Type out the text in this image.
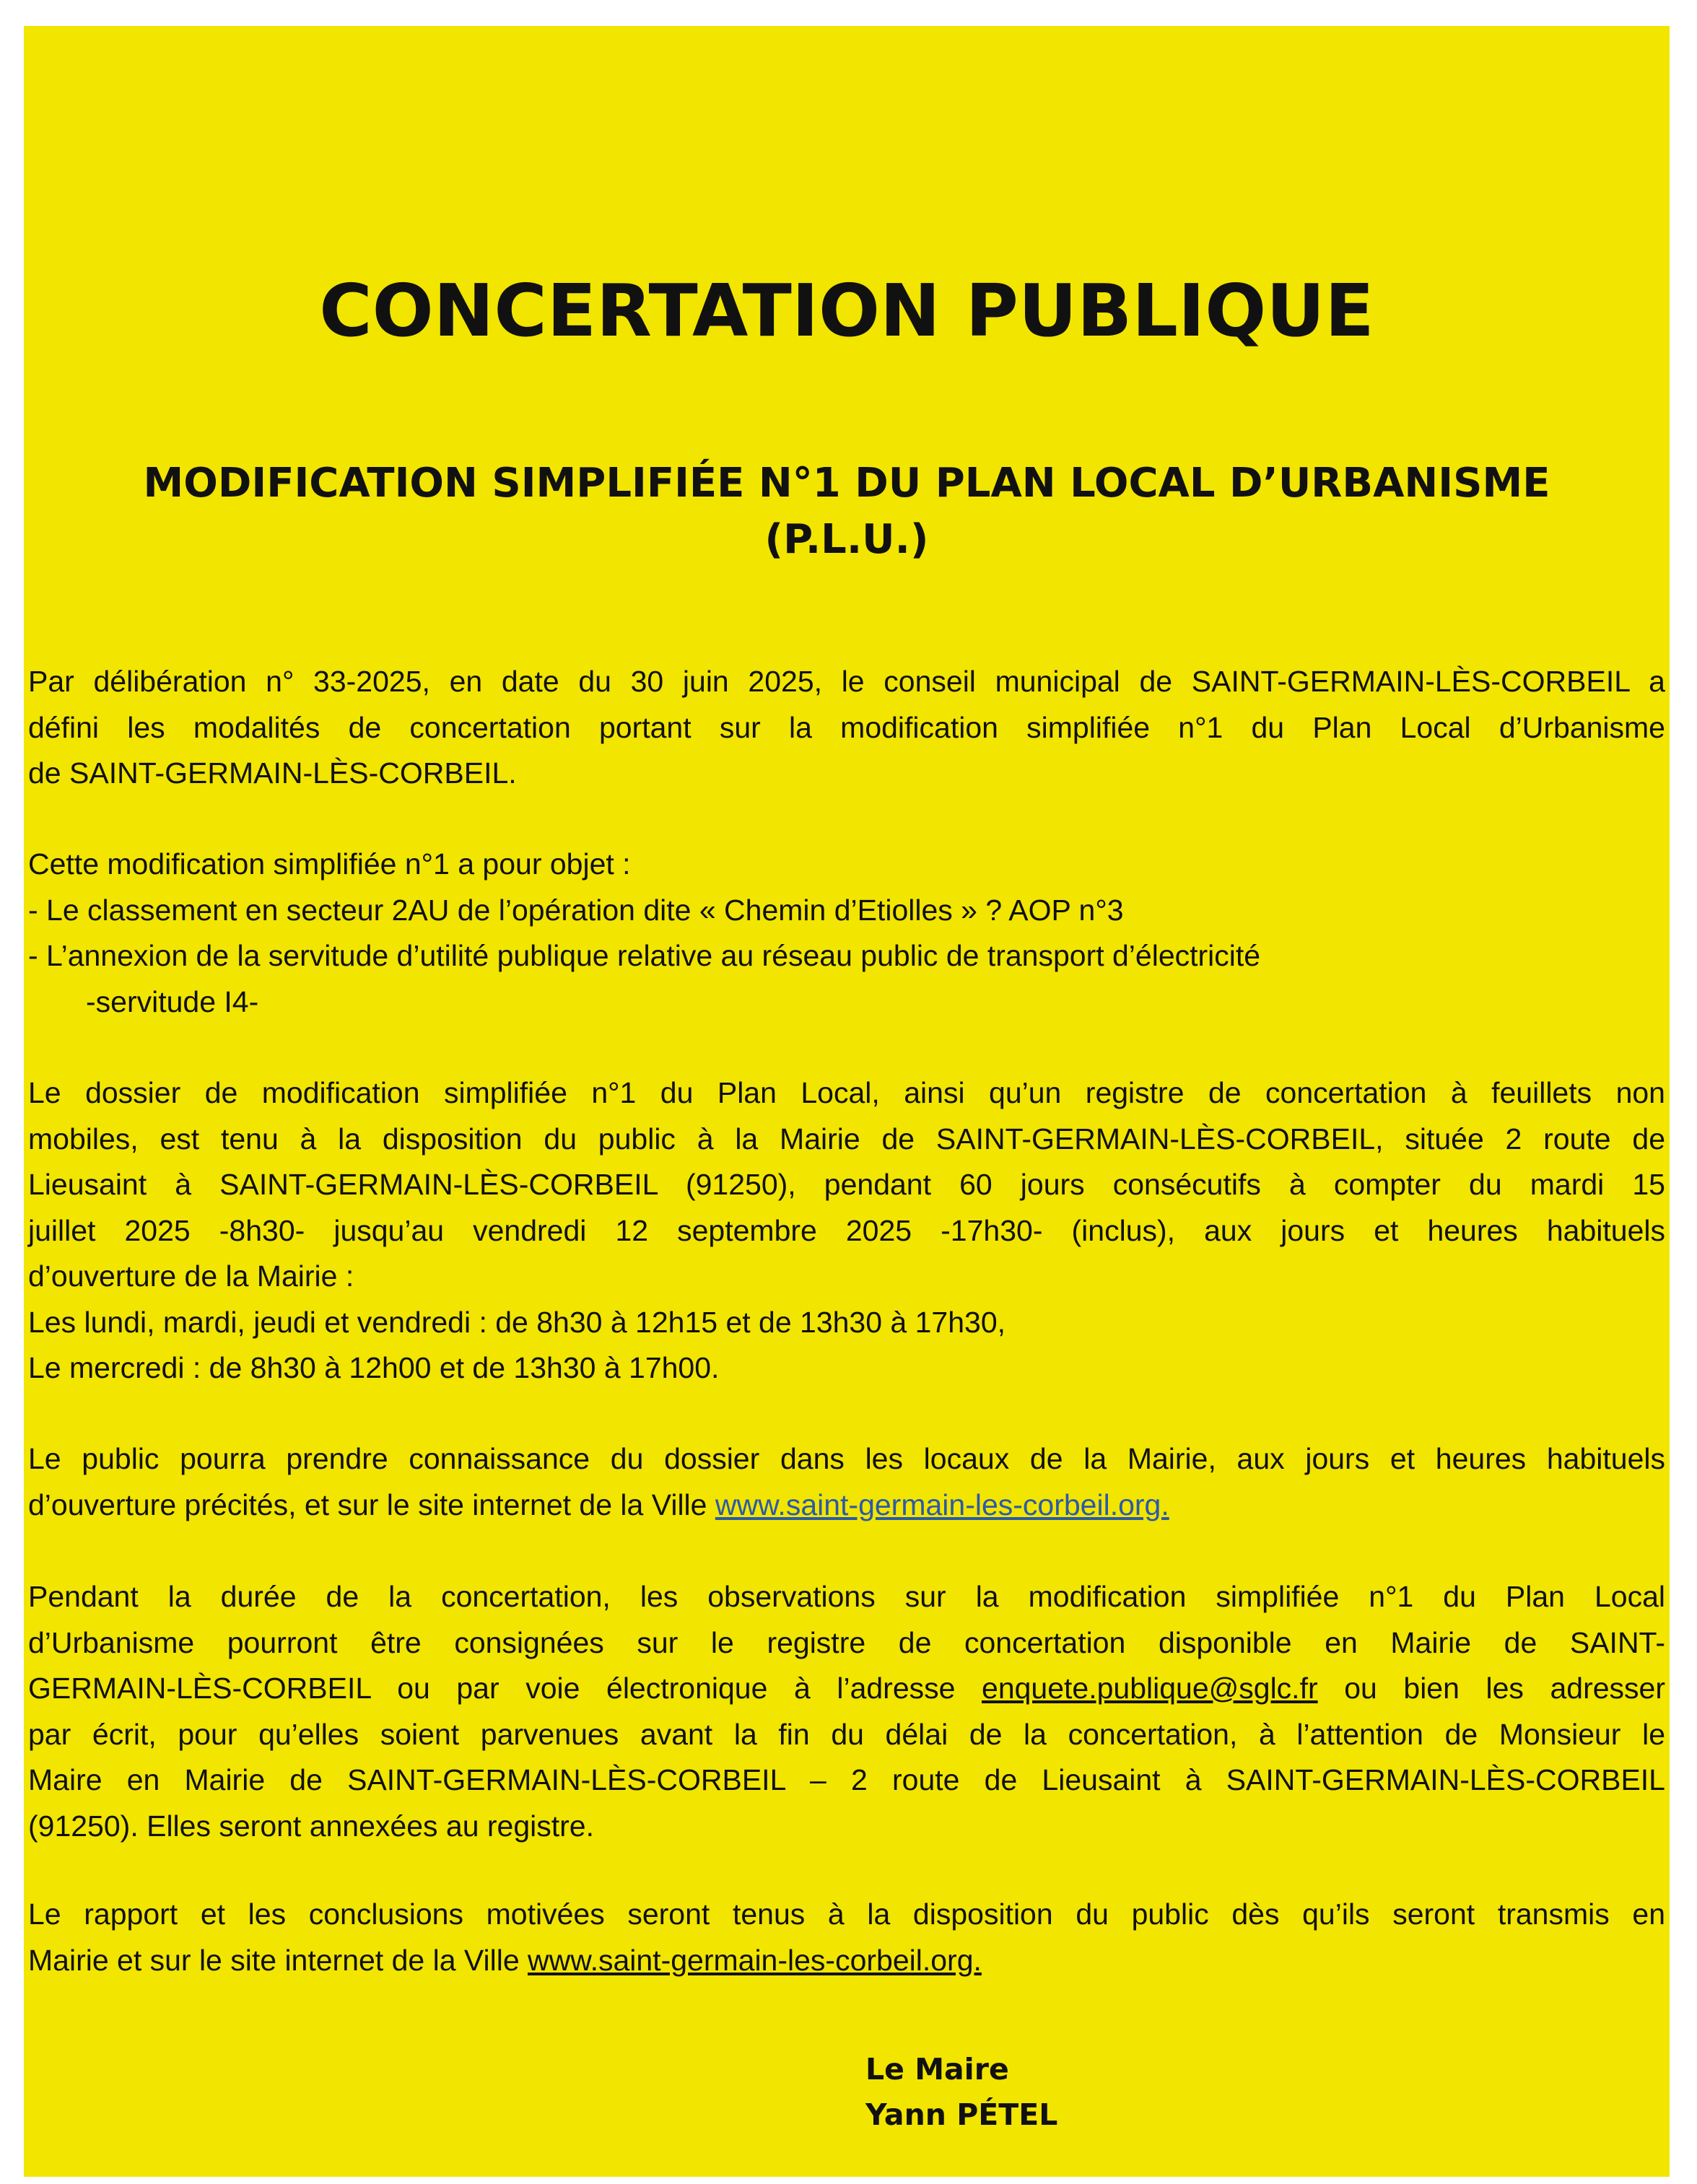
CONCERTATION PUBLIQUE
MODIFICATION SIMPLIFIÉE N°1 DU PLAN LOCAL D’URBANISME
(P.L.U.)

Par délibération n° 33-2025, en date du 30 juin 2025, le conseil municipal de SAINT-GERMAIN-LÈS-CORBEIL a
défini les modalités de concertation portant sur la modification simplifiée n°1 du Plan Local d’Urbanisme
de SAINT-GERMAIN-LÈS-CORBEIL.

Cette modification simplifiée n°1 a pour objet :
- Le classement en secteur 2AU de l’opération dite « Chemin d’Etiolles » ? AOP n°3
- L’annexion de la servitude d’utilité publique relative au réseau public de transport d’électricité
-servitude I4-

Le dossier de modification simplifiée n°1 du Plan Local, ainsi qu’un registre de concertation à feuillets non
mobiles, est tenu à la disposition du public à la Mairie de SAINT-GERMAIN-LÈS-CORBEIL, située 2 route de
Lieusaint à SAINT-GERMAIN-LÈS-CORBEIL (91250), pendant 60 jours consécutifs à compter du mardi 15
juillet 2025 -8h30- jusqu’au vendredi 12 septembre 2025 -17h30- (inclus), aux jours et heures habituels
d’ouverture de la Mairie :
Les lundi, mardi, jeudi et vendredi : de 8h30 à 12h15 et de 13h30 à 17h30,
Le mercredi : de 8h30 à 12h00 et de 13h30 à 17h00.

Le public pourra prendre connaissance du dossier dans les locaux de la Mairie, aux jours et heures habituels
d’ouverture précités, et sur le site internet de la Ville www.saint-germain-les-corbeil.org.

Pendant la durée de la concertation, les observations sur la modification simplifiée n°1 du Plan Local
d’Urbanisme pourront être consignées sur le registre de concertation disponible en Mairie de SAINT-
GERMAIN-LÈS-CORBEIL ou par voie électronique à l’adresse enquete.publique@sglc.fr ou bien les adresser
par écrit, pour qu’elles soient parvenues avant la fin du délai de la concertation, à l’attention de Monsieur le
Maire en Mairie de SAINT-GERMAIN-LÈS-CORBEIL – 2 route de Lieusaint à SAINT-GERMAIN-LÈS-CORBEIL
(91250). Elles seront annexées au registre.

Le rapport et les conclusions motivées seront tenus à la disposition du public dès qu’ils seront transmis en
Mairie et sur le site internet de la Ville www.saint-germain-les-corbeil.org.

Le Maire
Yann PÉTEL
